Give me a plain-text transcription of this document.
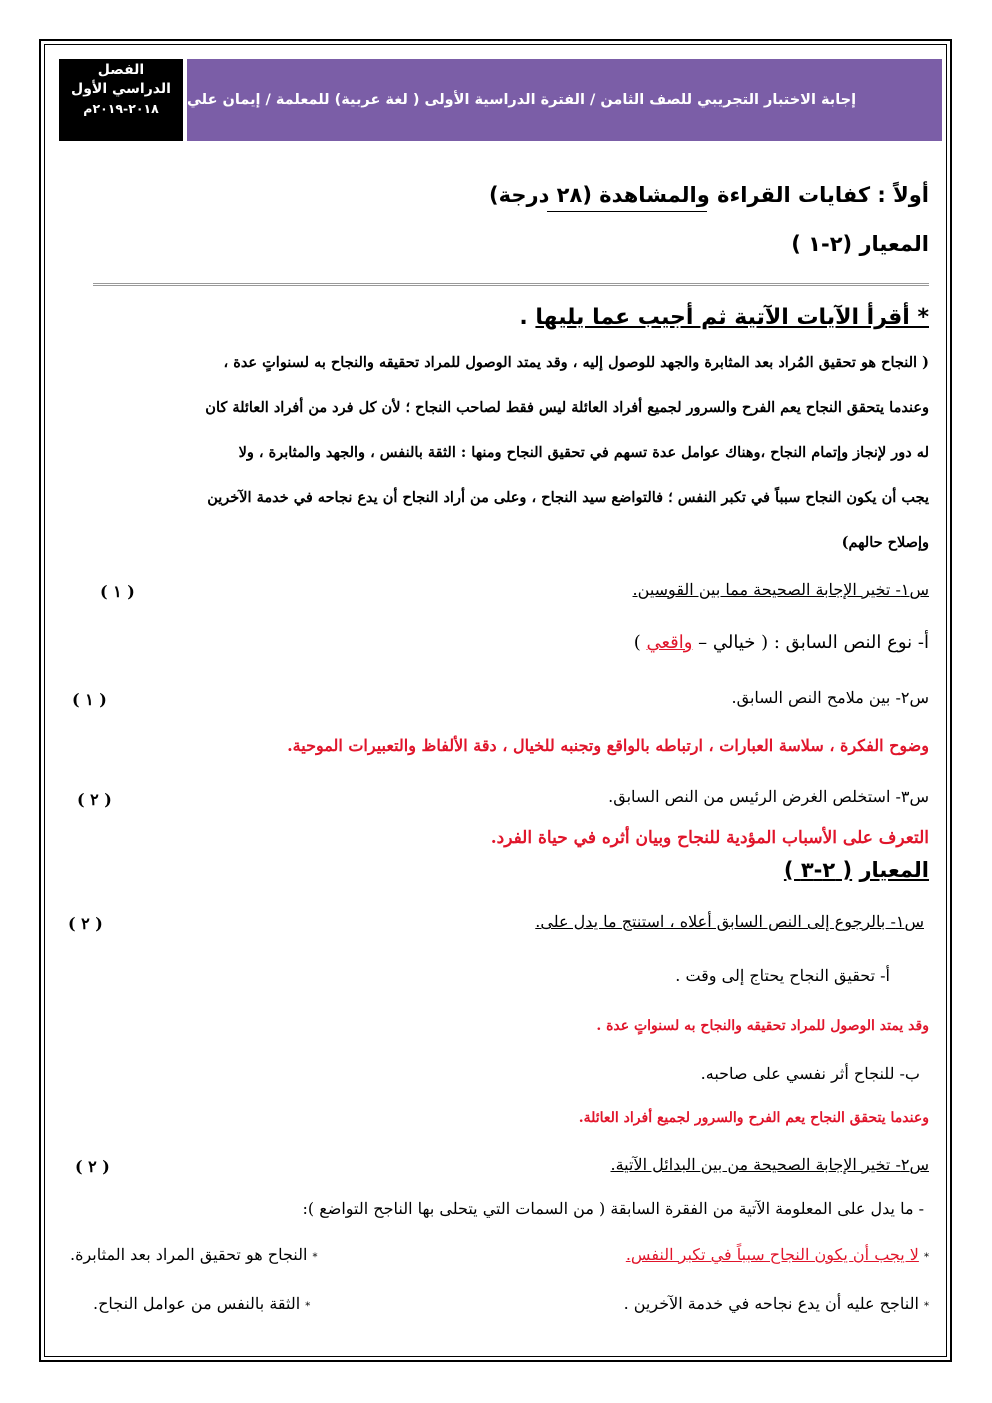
إجابة الاختبار التجريبي للصف الثامن / الفترة الدراسية الأولى ( لغة عربية) للمعلمة / إيمان علي
الفصل
الدراسي الأول
٢٠١٨-٢٠١٩م
أولاً : كفايات القراءة والمشاهدة (٢٨ درجة)
المعيار (٢-١ )
* أقرأ الآيات الآتية ثم أجيب عما يليها .
( النجاح هو تحقيق المُراد بعد المثابرة والجهد للوصول إليه ، وقد يمتد الوصول للمراد تحقيقه والنجاح به لسنواتٍ عدة ،
وعندما يتحقق النجاح يعم الفرح والسرور لجميع أفراد العائلة ليس فقط لصاحب النجاح ؛ لأن كل فرد من أفراد العائلة كان
له دور لإنجاز وإتمام النجاح ،وهناك عوامل عدة تسهم في تحقيق النجاح ومنها : الثقة بالنفس ، والجهد والمثابرة ، ولا
يجب أن يكون النجاح سبباً في تكبر النفس ؛ فالتواضع سيد النجاح ، وعلى من أراد النجاح أن يدع نجاحه في خدمة الآخرين
وإصلاح حالهم)
س١- تخير الإجابة الصحيحة مما بين القوسين.
( ١ )
أ- نوع النص السابق : ( خيالي – واقعي )
س٢- بين ملامح النص السابق.
( ١ )
وضوح الفكرة ، سلاسة العبارات ، ارتباطه بالواقع وتجنبه للخيال ، دقة الألفاظ والتعبيرات الموحية.
س٣- استخلص الغرض الرئيس من النص السابق.
( ٢ )
التعرف على الأسباب المؤدية للنجاح وبيان أثره في حياة الفرد.
المعيار ( ٢-٣ )
س١- بالرجوع إلى النص السابق أعلاه ، استنتج ما يدل على.
( ٢ )
أ- تحقيق النجاح يحتاج إلى وقت .
وقد يمتد الوصول للمراد تحقيقه والنجاح به لسنواتٍ عدة .
ب- للنجاح أثر نفسي على صاحبه.
وعندما يتحقق النجاح يعم الفرح والسرور لجميع أفراد العائلة.
س٢- تخير الإجابة الصحيحة من بين البدائل الآتية.
( ٢ )
- ما يدل على المعلومة الآتية من الفقرة السابقة ( من السمات التي يتحلى بها الناجح التواضع ):
* لا يجب أن يكون النجاح سبباً في تكبر النفس.
* النجاح هو تحقيق المراد بعد المثابرة.
* الناجح عليه أن يدع نجاحه في خدمة الآخرين .
* الثقة بالنفس من عوامل النجاح.
